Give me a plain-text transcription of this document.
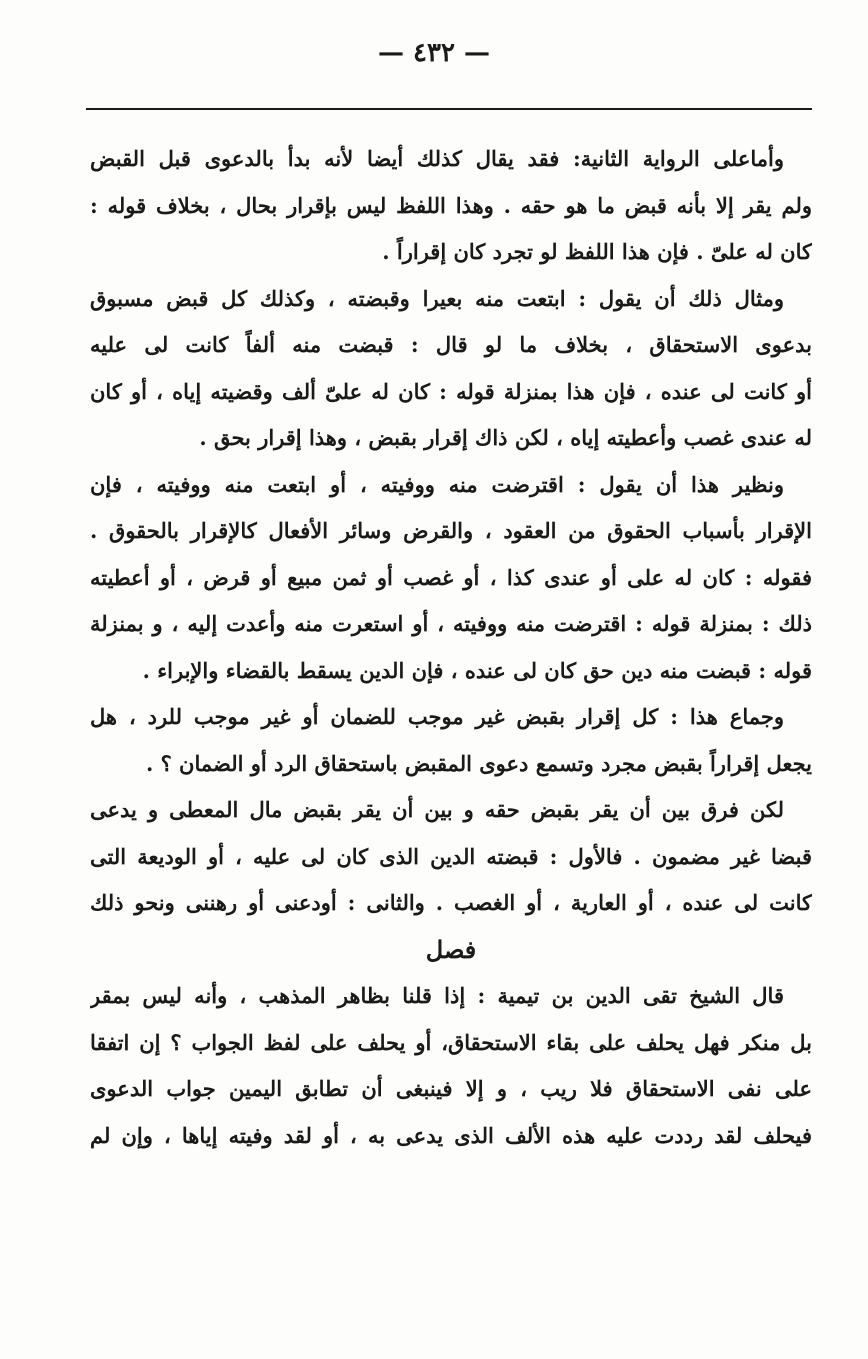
— ٤٣٢ —
وأماعلى الرواية الثانية: فقد يقال كذلك أيضا لأنه بدأ بالدعوى قبل القبض
ولم يقر إلا بأنه قبض ما هو حقه . وهذا اللفظ ليس بإقرار بحال ، بخلاف قوله :
كان له علىّ . فإن هذا اللفظ لو تجرد كان إقراراً .
ومثال ذلك أن يقول : ابتعت منه بعيرا وقبضته ، وكذلك كل قبض مسبوق
بدعوى الاستحقاق ، بخلاف ما لو قال : قبضت منه ألفاً كانت لى عليه
أو كانت لى عنده ، فإن هذا بمنزلة قوله : كان له علىّ ألف وقضيته إياه ، أو كان
له عندى غصب وأعطيته إياه ، لكن ذاك إقرار بقبض ، وهذا إقرار بحق .
ونظير هذا أن يقول : اقترضت منه ووفيته ، أو ابتعت منه ووفيته ، فإن
الإقرار بأسباب الحقوق من العقود ، والقرض وسائر الأفعال كالإقرار بالحقوق .
فقوله : كان له على أو عندى كذا ، أو غصب أو ثمن مبيع أو قرض ، أو أعطيته
ذلك : بمنزلة قوله : اقترضت منه ووفيته ، أو استعرت منه وأعدت إليه ، و بمنزلة
قوله : قبضت منه دين حق كان لى عنده ، فإن الدين يسقط بالقضاء والإبراء .
وجماع هذا : كل إقرار بقبض غير موجب للضمان أو غير موجب للرد ، هل
يجعل إقراراً بقبض مجرد وتسمع دعوى المقبض باستحقاق الرد أو الضمان ؟ .
لكن فرق بين أن يقر بقبض حقه و بين أن يقر بقبض مال المعطى و يدعى
قبضا غير مضمون . فالأول : قبضته الدين الذى كان لى عليه ، أو الوديعة التى
كانت لى عنده ، أو العارية ، أو الغصب . والثانى : أودعنى أو رهننى ونحو ذلك
فصل
قال الشيخ تقى الدين بن تيمية : إذا قلنا بظاهر المذهب ، وأنه ليس بمقر
بل منكر فهل يحلف على بقاء الاستحقاق، أو يحلف على لفظ الجواب ؟ إن اتفقا
على نفى الاستحقاق فلا ريب ، و إلا فينبغى أن تطابق اليمين جواب الدعوى
فيحلف لقد رددت عليه هذه الألف الذى يدعى به ، أو لقد وفيته إياها ، وإن لم
